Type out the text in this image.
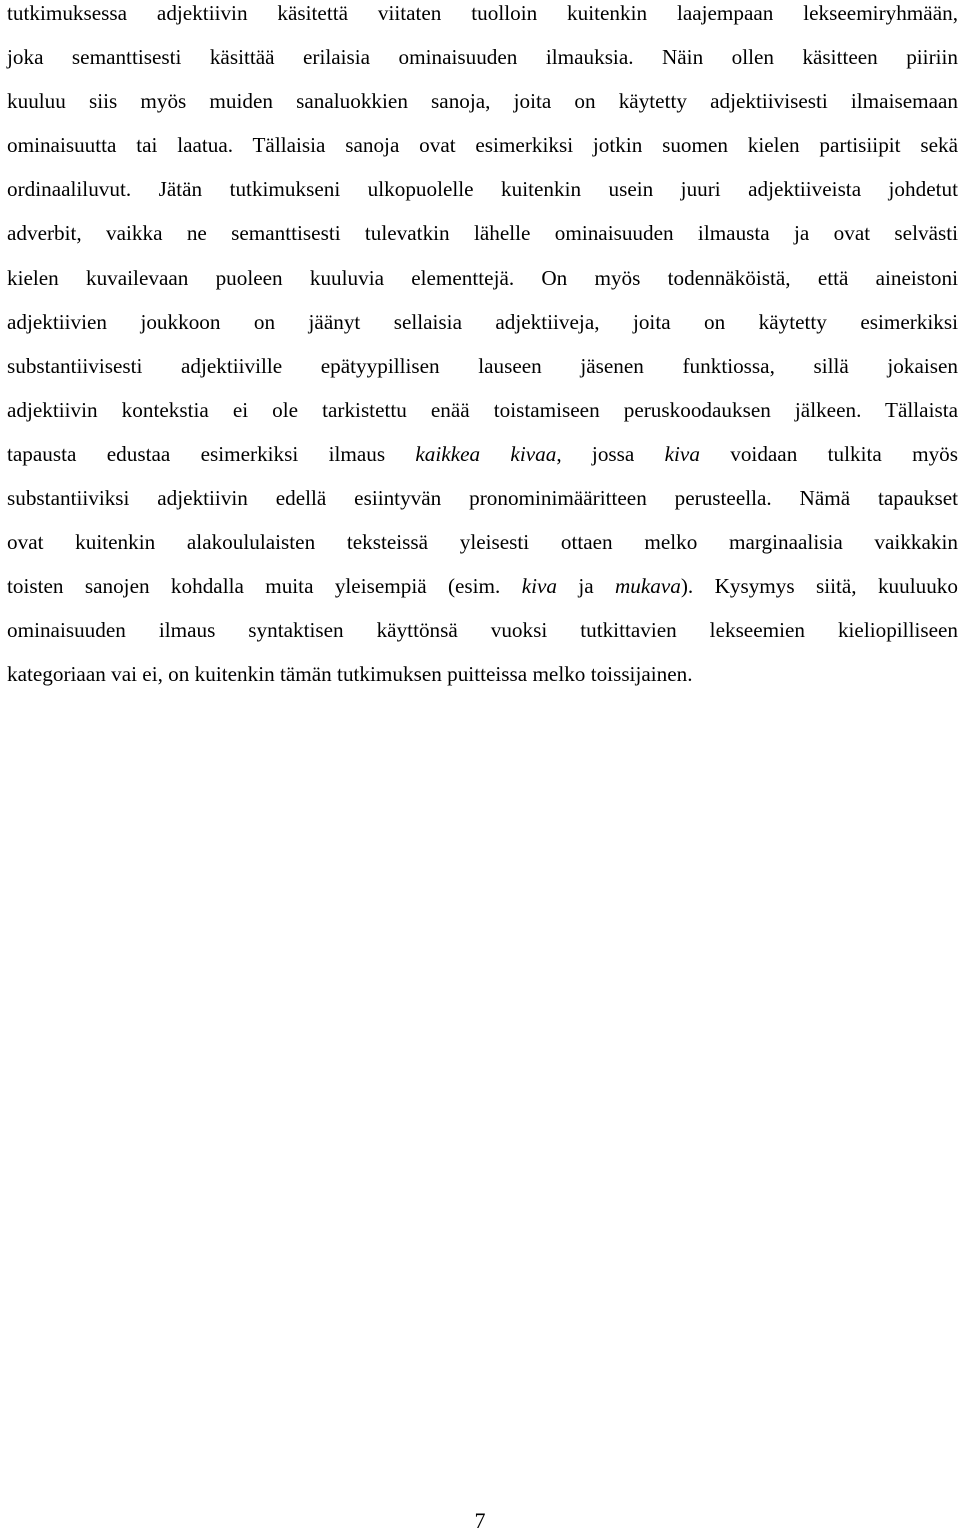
tutkimuksessa adjektiivin käsitettä viitaten tuolloin kuitenkin laajempaan lekseemiryhmään,
joka semanttisesti käsittää erilaisia ominaisuuden ilmauksia. Näin ollen käsitteen piiriin
kuuluu siis myös muiden sanaluokkien sanoja, joita on käytetty adjektiivisesti ilmaisemaan
ominaisuutta tai laatua. Tällaisia sanoja ovat esimerkiksi jotkin suomen kielen partisiipit sekä
ordinaaliluvut. Jätän tutkimukseni ulkopuolelle kuitenkin usein juuri adjektiiveista johdetut
adverbit, vaikka ne semanttisesti tulevatkin lähelle ominaisuuden ilmausta ja ovat selvästi
kielen kuvailevaan puoleen kuuluvia elementtejä. On myös todennäköistä, että aineistoni
adjektiivien joukkoon on jäänyt sellaisia adjektiiveja, joita on käytetty esimerkiksi
substantiivisesti adjektiiville epätyypillisen lauseen jäsenen funktiossa, sillä jokaisen
adjektiivin kontekstia ei ole tarkistettu enää toistamiseen peruskoodauksen jälkeen. Tällaista
tapausta edustaa esimerkiksi ilmaus kaikkea kivaa, jossa kiva voidaan tulkita myös
substantiiviksi adjektiivin edellä esiintyvän pronominimääritteen perusteella. Nämä tapaukset
ovat kuitenkin alakoululaisten teksteissä yleisesti ottaen melko marginaalisia vaikkakin
toisten sanojen kohdalla muita yleisempiä (esim. kiva ja mukava). Kysymys siitä, kuuluuko
ominaisuuden ilmaus syntaktisen käyttönsä vuoksi tutkittavien lekseemien kieliopilliseen
kategoriaan vai ei, on kuitenkin tämän tutkimuksen puitteissa melko toissijainen.
7
